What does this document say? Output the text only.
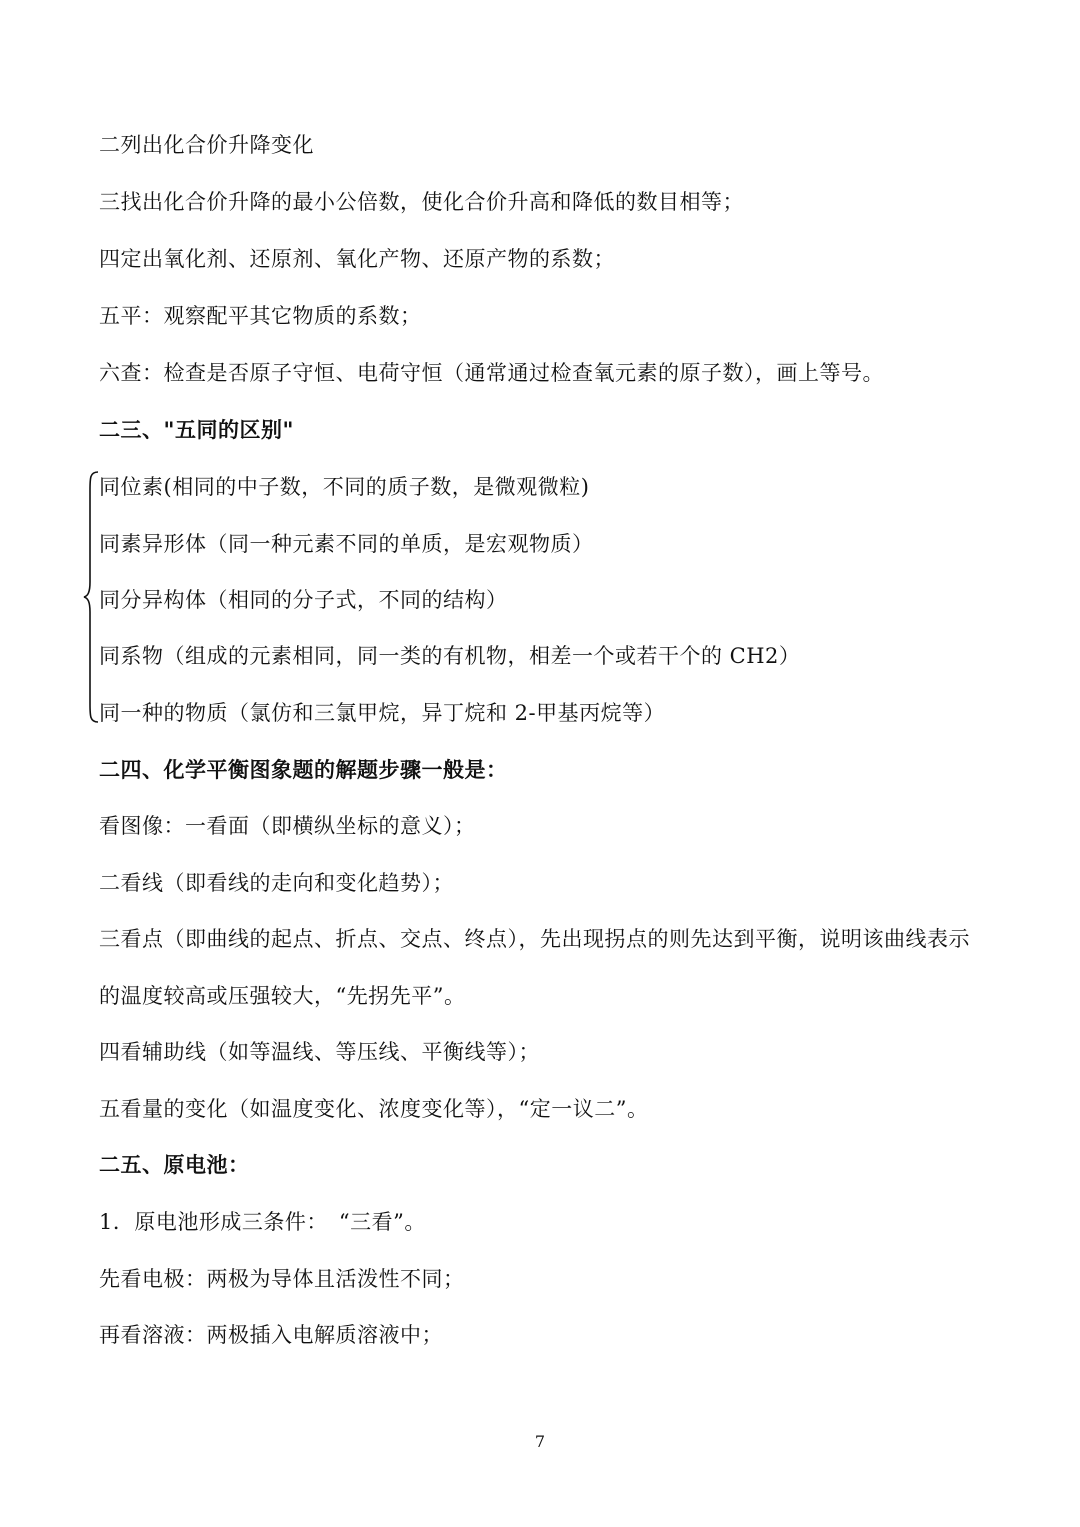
二列出化合价升降变化
三找出化合价升降的最小公倍数，使化合价升高和降低的数目相等；
四定出氧化剂、还原剂、氧化产物、还原产物的系数；
五平：观察配平其它物质的系数；
六查：检查是否原子守恒、电荷守恒（通常通过检查氧元素的原子数），画上等号。
二三、"五同的区别"
同位素(相同的中子数，不同的质子数，是微观微粒)
同素异形体（同一种元素不同的单质，是宏观物质）
同分异构体（相同的分子式，不同的结构）
同系物（组成的元素相同，同一类的有机物，相差一个或若干个的 CH2）
同一种的物质（氯仿和三氯甲烷，异丁烷和 2-甲基丙烷等）
二四、化学平衡图象题的解题步骤一般是：
看图像：一看面（即横纵坐标的意义）；
二看线（即看线的走向和变化趋势）；
三看点（即曲线的起点、折点、交点、终点），先出现拐点的则先达到平衡，说明该曲线表示
的温度较高或压强较大，“先拐先平”。
四看辅助线（如等温线、等压线、平衡线等）；
五看量的变化（如温度变化、浓度变化等），“定一议二”。
二五、原电池：
1．原电池形成三条件：　“三看”。
先看电极：两极为导体且活泼性不同；
再看溶液：两极插入电解质溶液中；
7
